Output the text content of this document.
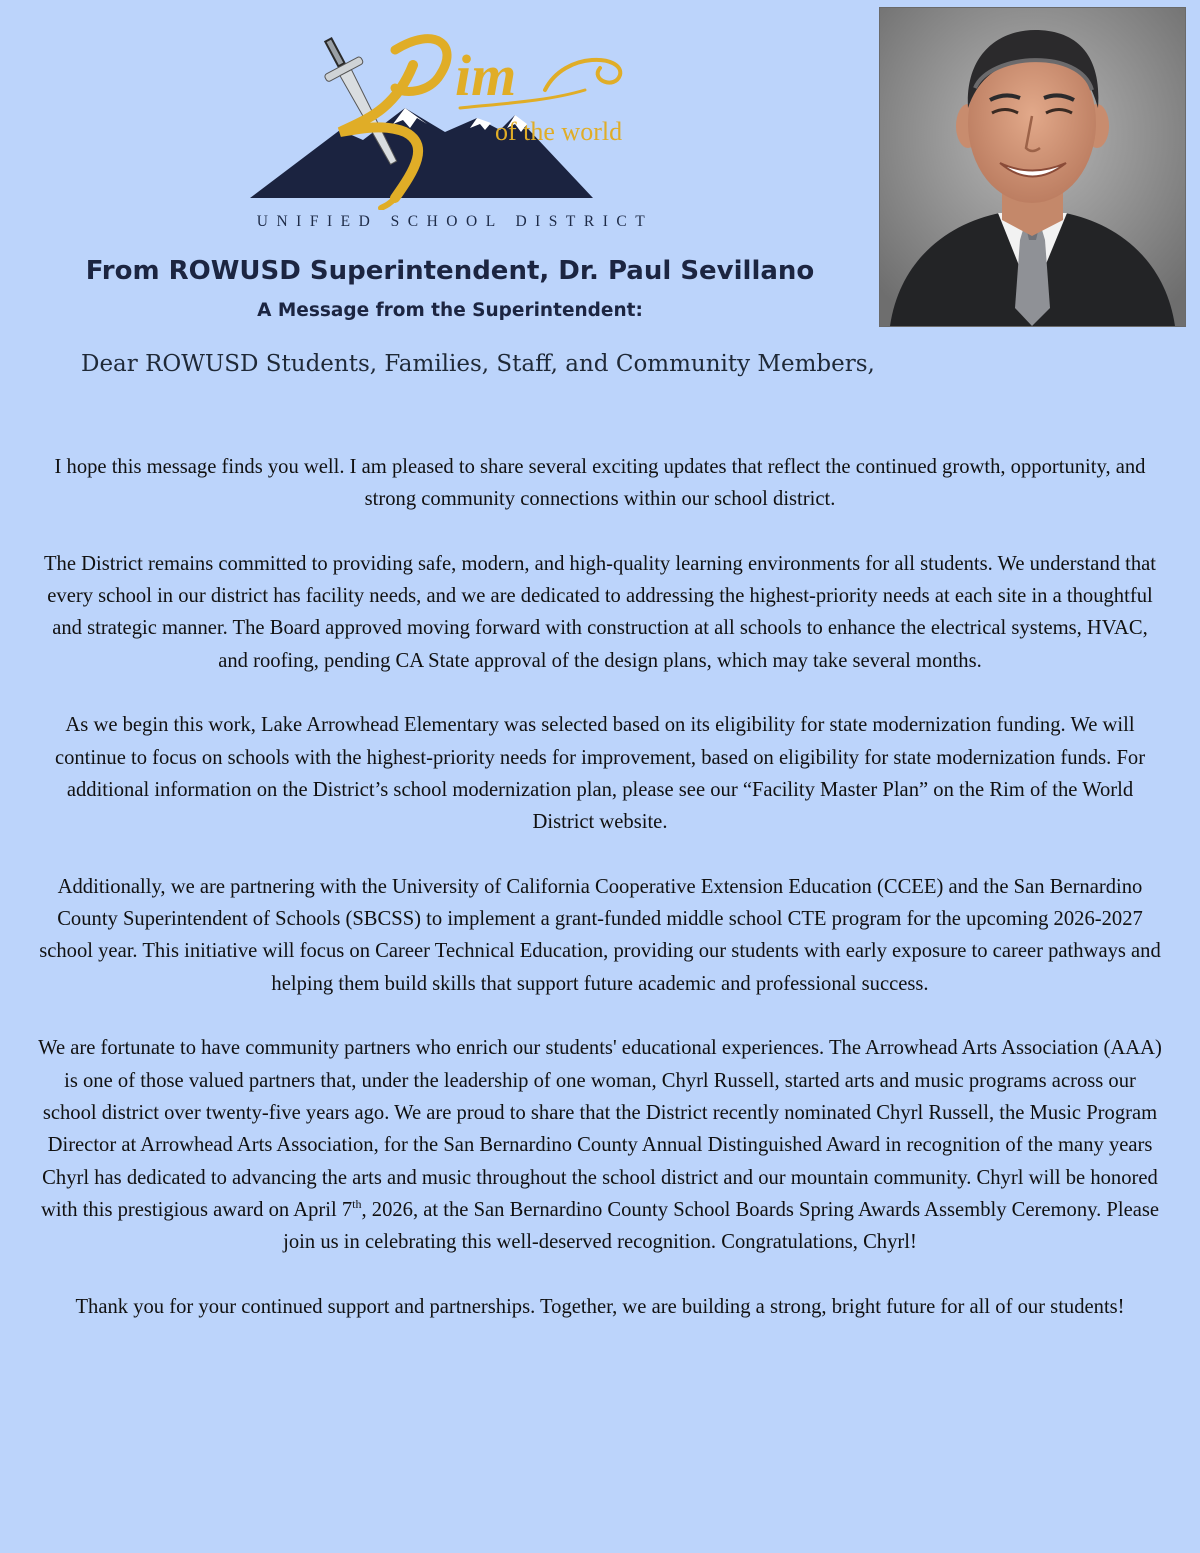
im
of the world
UNIFIED SCHOOL DISTRICT
From ROWUSD Superintendent, Dr. Paul Sevillano
A Message from the Superintendent:

Dear ROWUSD Students, Families, Staff, and Community Members,

I hope this message finds you well. I am pleased to share several exciting updates that reflect the continued growth, opportunity, and strong community connections within our school district.

The District remains committed to providing safe, modern, and high-quality learning environments for all students. We understand that every school in our district has facility needs, and we are dedicated to addressing the highest-priority needs at each site in a thoughtful and strategic manner. The Board approved moving forward with construction at all schools to enhance the electrical systems, HVAC, and roofing, pending CA State approval of the design plans, which may take several months.

As we begin this work, Lake Arrowhead Elementary was selected based on its eligibility for state modernization funding. We will continue to focus on schools with the highest-priority needs for improvement, based on eligibility for state modernization funds. For additional information on the District’s school modernization plan, please see our “Facility Master Plan” on the Rim of the World District website.

Additionally, we are partnering with the University of California Cooperative Extension Education (CCEE) and the San Bernardino County Superintendent of Schools (SBCSS) to implement a grant-funded middle school CTE program for the upcoming 2026-2027 school year. This initiative will focus on Career Technical Education, providing our students with early exposure to career pathways and helping them build skills that support future academic and professional success.

We are fortunate to have community partners who enrich our students' educational experiences. The Arrowhead Arts Association (AAA) is one of those valued partners that, under the leadership of one woman, Chyrl Russell, started arts and music programs across our school district over twenty-five years ago. We are proud to share that the District recently nominated Chyrl Russell, the Music Program Director at Arrowhead Arts Association, for the San Bernardino County Annual Distinguished Award in recognition of the many years Chyrl has dedicated to advancing the arts and music throughout the school district and our mountain community. Chyrl will be honored with this prestigious award on April 7th, 2026, at the San Bernardino County School Boards Spring Awards Assembly Ceremony. Please join us in celebrating this well-deserved recognition. Congratulations, Chyrl!

Thank you for your continued support and partnerships. Together, we are building a strong, bright future for all of our students!
